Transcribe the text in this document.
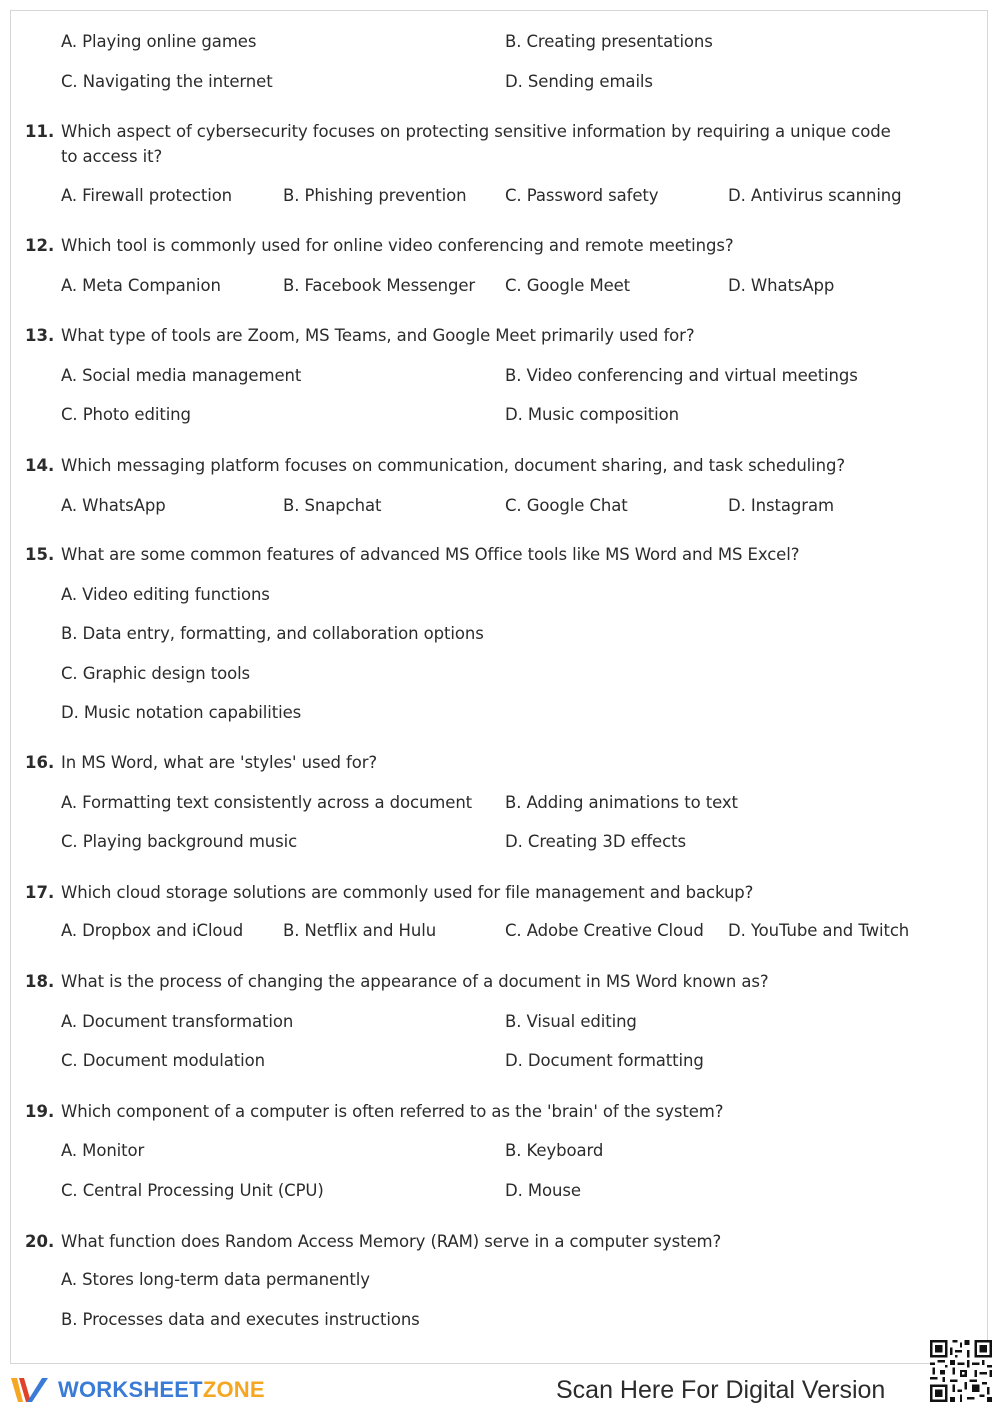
A. Playing online games	B. Creating presentations
C. Navigating the internet	D. Sending emails
11. Which aspect of cybersecurity focuses on protecting sensitive information by requiring a unique code to access it?
A. Firewall protection	B. Phishing prevention C. Password safety	D. Antivirus scanning
12. Which tool is commonly used for online video conferencing and remote meetings?
A. Meta Companion	B. Facebook Messenger C. Google Meet	D. WhatsApp
13. What type of tools are Zoom, MS Teams, and Google Meet primarily used for?
A. Social media management	B. Video conferencing and virtual meetings
C. Photo editing	D. Music composition
14. Which messaging platform focuses on communication, document sharing, and task scheduling?
A. WhatsApp	B. Snapchat	C. Google Chat	D. Instagram
15. What are some common features of advanced MS Office tools like MS Word and MS Excel?
A. Video editing functions
B. Data entry, formatting, and collaboration options
C. Graphic design tools
D. Music notation capabilities
16. In MS Word, what are 'styles' used for?
A. Formatting text consistently across a document B. Adding animations to text
C. Playing background music	D. Creating 3D effects
17. Which cloud storage solutions are commonly used for file management and backup?
A. Dropbox and iCloud B. Netflix and Hulu	C. Adobe Creative Cloud D. YouTube and Twitch
18. What is the process of changing the appearance of a document in MS Word known as?
A. Document transformation	B. Visual editing
C. Document modulation	D. Document formatting
19. Which component of a computer is often referred to as the 'brain' of the system?
A. Monitor	B. Keyboard
C. Central Processing Unit (CPU)	D. Mouse
20. What function does Random Access Memory (RAM) serve in a computer system?
A. Stores long-term data permanently
B. Processes data and executes instructions
WORKSHEETZONE	Scan Here For Digital Version
